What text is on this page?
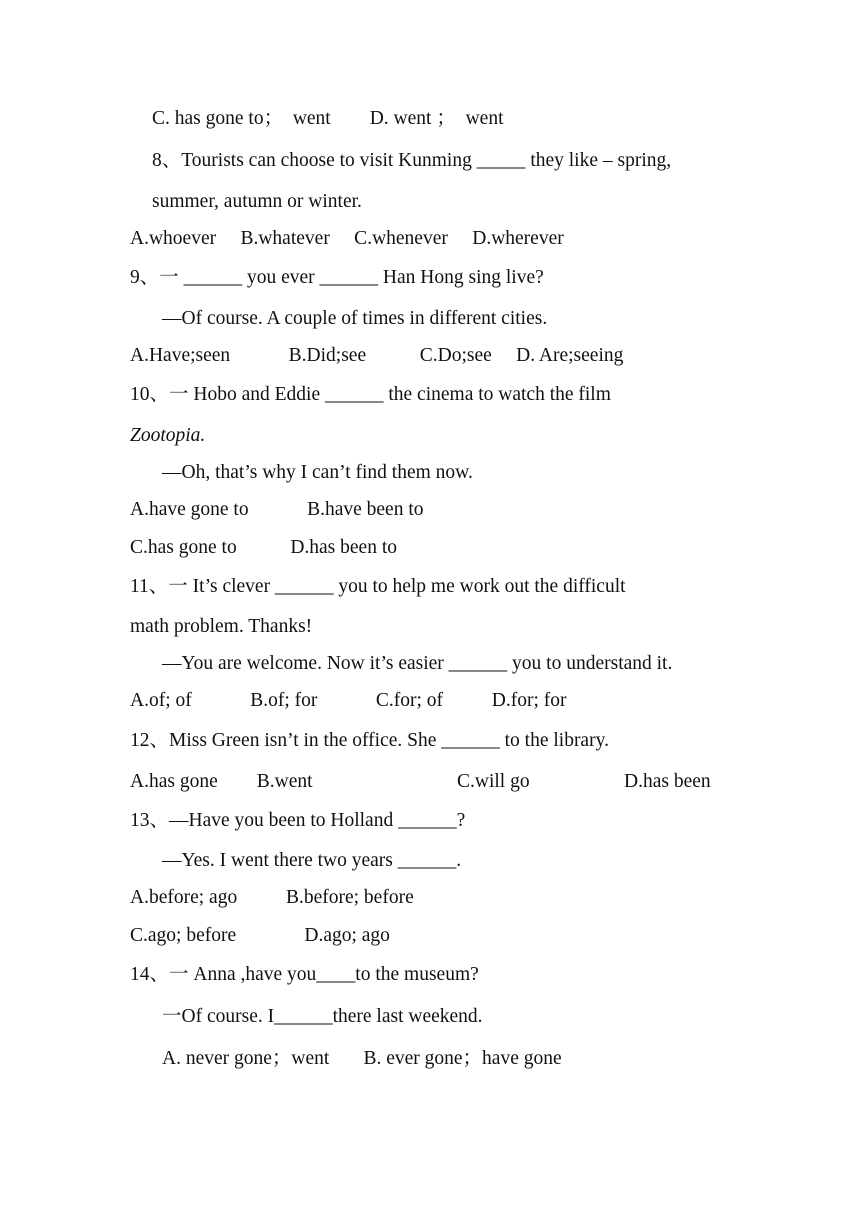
C. has gone to；  went        D. went ；  went
8、Tourists can choose to visit Kunming _____ they like – spring,
summer, autumn or winter.
A.whoever     B.whatever     C.whenever     D.wherever
9、一 ______ you ever ______ Han Hong sing live?
—Of course. A couple of times in different cities.
A.Have;seen            B.Did;see           C.Do;see     D. Are;seeing
10、一 Hobo and Eddie ______ the cinema to watch the film
Zootopia.
—Oh, that’s why I can’t find them now.
A.have gone to            B.have been to
C.has gone to           D.has been to
11、一 It’s clever ______ you to help me work out the difficult
math problem. Thanks!
—You are welcome. Now it’s easier ______ you to understand it.
A.of; of            B.of; for            C.for; of          D.for; for
12、Miss Green isn’t in the office. She ______ to the library.
A.has gone        B.went	C.will go	D.has been
13、—Have you been to Holland ______?
—Yes. I went there two years ______.
A.before; ago          B.before; before
C.ago; before              D.ago; ago
14、一 Anna ,have you____to the museum?
一Of course. I______there last weekend.
A. never gone；went       B. ever gone；have gone
